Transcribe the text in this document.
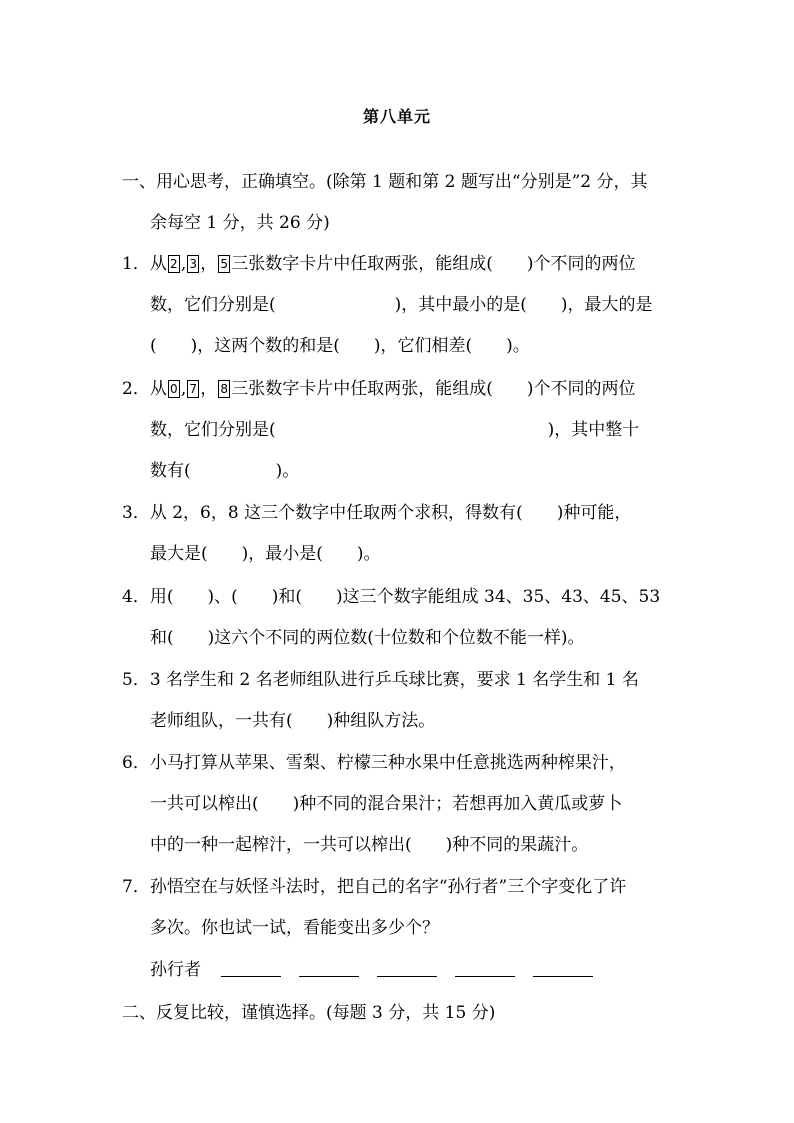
第八单元
一、用心思考，正确填空。(除第 1 题和第 2 题写出“分别是”2 分，其
余每空 1 分，共 26 分)
1．从 2 , 3 ， 5 三张数字卡片中任取两张，能组成(　　)个不同的两位
数，它们分别是(　　　　　　　)，其中最小的是(　　)，最大的是
(　　)，这两个数的和是(　　)，它们相差(　　)。
2．从 0 , 7 ， 8 三张数字卡片中任取两张，能组成(　　)个不同的两位
数，它们分别是(　　　　　　　　　　　　　　　　)，其中整十
数有(　　　　　)。
3．从 2，6，8 这三个数字中任取两个求积，得数有(　　)种可能，
最大是(　　)，最小是(　　)。
4．用(　　)、(　　)和(　　)这三个数字能组成 34、35、43、45、53
和(　　)这六个不同的两位数(十位数和个位数不能一样)。
5．3 名学生和 2 名老师组队进行乒乓球比赛，要求 1 名学生和 1 名
老师组队，一共有(　　)种组队方法。
6．小马打算从苹果、雪梨、柠檬三种水果中任意挑选两种榨果汁，
一共可以榨出(　　)种不同的混合果汁；若想再加入黄瓜或萝卜
中的一种一起榨汁，一共可以榨出(　　)种不同的果蔬汁。
7．孙悟空在与妖怪斗法时，把自己的名字“孙行者”三个字变化了许
多次。你也试一试，看能变出多少个？
孙行者
二、反复比较，谨慎选择。(每题 3 分，共 15 分)
